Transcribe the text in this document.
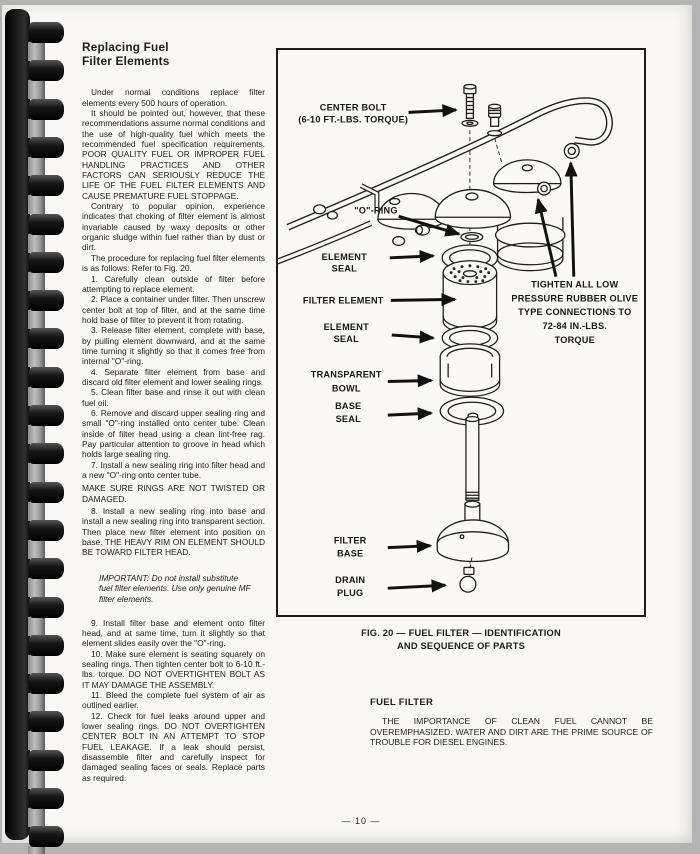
Replacing Fuel
Filter Elements

Under normal conditions replace filter elements every 500 hours of operation.

It should be pointed out, however, that these recommendations assume normal conditions and the use of high-quality fuel which meets the recommended fuel specification requirements. POOR QUALITY FUEL OR IMPROPER FUEL HANDLING PRACTICES AND OTHER FACTORS CAN SERIOUSLY REDUCE THE LIFE OF THE FUEL FILTER ELEMENTS AND CAUSE PREMATURE FUEL STOPPAGE.

Contrary to popular opinion, experience indicates that choking of filter element is almost invariable caused by waxy deposits or other organic sludge within fuel rather than by dust or dirt.

The procedure for replacing fuel filter elements is as follows: Refer to Fig. 20.

1. Carefully clean outside of filter before attempting to replace element.

2. Place a container under filter. Then unscrew center bolt at top of filter, and at the same time hold base of filter to prevent it from rotating.

3. Release filter element, complete with base, by pulling element downward, and at the same time turning it slightly so that it comes free from internal "O"-ring.

4. Separate filter element from base and discard old filter element and lower sealing rings.

5. Clean filter base and rinse it out with clean fuel oil.

6. Remove and discard upper sealing ring and small "O"-ring installed onto center tube. Clean inside of filter head using a clean lint-free rag. Pay particular attention to groove in head which holds large sealing ring.

7. Install a new sealing ring into filter head and a new "O"-ring onto center tube.

MAKE SURE RINGS ARE NOT TWISTED OR DAMAGED.

8. Install a new sealing ring into base and install a new sealing ring into transparent section. Then place new filter element into position on base. THE HEAVY RIM ON ELEMENT SHOULD BE TOWARD FILTER HEAD.

IMPORTANT: Do not install substitute fuel filter elements. Use only genuine MF filter elements.

9. Install filter base and element onto filter head, and at same time, turn it slightly so that element slides easily over the "O"-ring.

10. Make sure element is seating squarely on sealing rings. Then tighten center bolt to 6-10 ft.-lbs. torque. DO NOT OVERTIGHTEN BOLT AS IT MAY DAMAGE THE ASSEMBLY.

11. Bleed the complete fuel system of air as outlined earlier.

12. Check for fuel leaks around upper and lower sealing rings. DO NOT OVERTIGHTEN CENTER BOLT IN AN ATTEMPT TO STOP FUEL LEAKAGE. If a leak should persist, disassemble filter and carefully inspect for damaged sealing faces or seals. Replace parts as required.

CENTER BOLT
(6-10 FT.-LBS. TORQUE)
"O"-RING
ELEMENT
SEAL
FILTER ELEMENT
ELEMENT
SEAL
TRANSPARENT
BOWL
BASE
SEAL
TIGHTEN ALL LOW
PRESSURE RUBBER OLIVE
TYPE CONNECTIONS TO
72-84 IN.-LBS.
TORQUE
FILTER
BASE
DRAIN
PLUG
FIG. 20 — FUEL FILTER — IDENTIFICATION
AND SEQUENCE OF PARTS
FUEL FILTER
THE IMPORTANCE OF CLEAN FUEL CANNOT BE OVEREMPHASIZED. WATER AND DIRT ARE THE PRIME SOURCE OF TROUBLE FOR DIESEL ENGINES.
— 10 —
